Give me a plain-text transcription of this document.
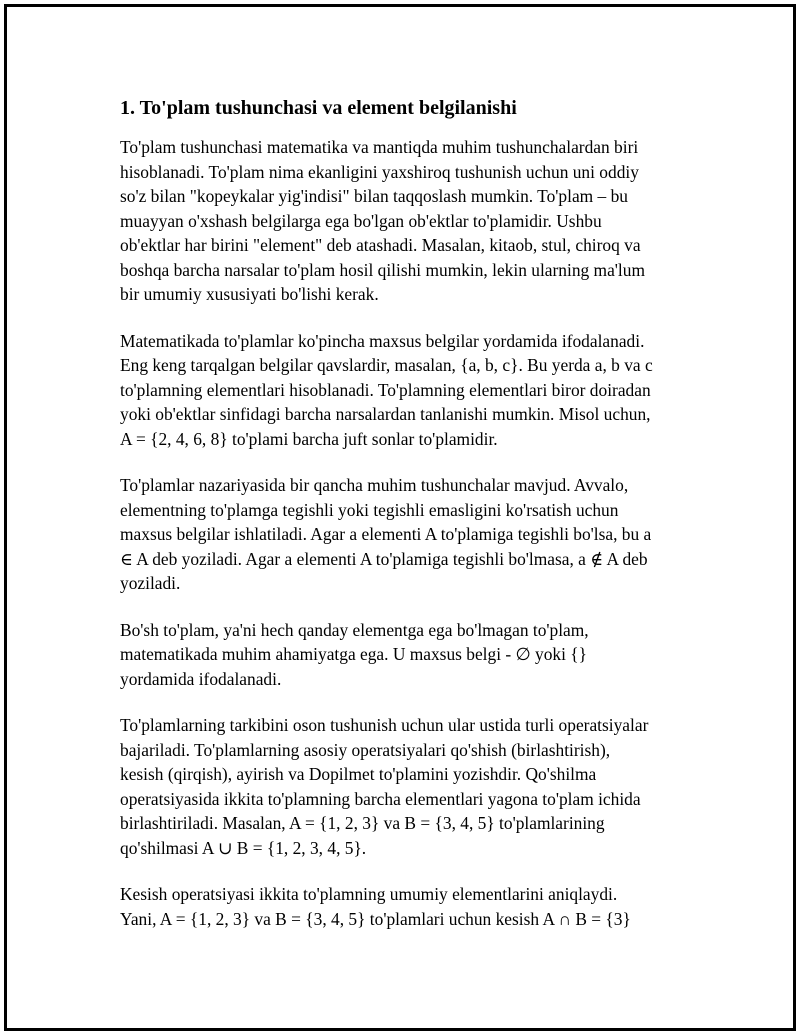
1. To'plam tushunchasi va element belgilanishi

To'plam tushunchasi matematika va mantiqda muhim tushunchalardan biri
hisoblanadi. To'plam nima ekanligini yaxshiroq tushunish uchun uni oddiy
so'z bilan "kopeykalar yig'indisi" bilan taqqoslash mumkin. To'plam – bu
muayyan o'xshash belgilarga ega bo'lgan ob'ektlar to'plamidir. Ushbu
ob'ektlar har birini "element" deb atashadi. Masalan, kitaob, stul, chiroq va
boshqa barcha narsalar to'plam hosil qilishi mumkin, lekin ularning ma'lum
bir umumiy xususiyati bo'lishi kerak.

Matematikada to'plamlar ko'pincha maxsus belgilar yordamida ifodalanadi.
Eng keng tarqalgan belgilar qavslardir, masalan, {a, b, c}. Bu yerda a, b va c
to'plamning elementlari hisoblanadi. To'plamning elementlari biror doiradan
yoki ob'ektlar sinfidagi barcha narsalardan tanlanishi mumkin. Misol uchun,
A = {2, 4, 6, 8} to'plami barcha juft sonlar to'plamidir.

To'plamlar nazariyasida bir qancha muhim tushunchalar mavjud. Avvalo,
elementning to'plamga tegishli yoki tegishli emasligini ko'rsatish uchun
maxsus belgilar ishlatiladi. Agar a elementi A to'plamiga tegishli bo'lsa, bu a
∈ A deb yoziladi. Agar a elementi A to'plamiga tegishli bo'lmasa, a ∉ A deb
yoziladi.

Bo'sh to'plam, ya'ni hech qanday elementga ega bo'lmagan to'plam,
matematikada muhim ahamiyatga ega. U maxsus belgi - ∅ yoki {}
yordamida ifodalanadi.

To'plamlarning tarkibini oson tushunish uchun ular ustida turli operatsiyalar
bajariladi. To'plamlarning asosiy operatsiyalari qo'shish (birlashtirish),
kesish (qirqish), ayirish va Dopilmet to'plamini yozishdir. Qo'shilma
operatsiyasida ikkita to'plamning barcha elementlari yagona to'plam ichida
birlashtiriladi. Masalan, A = {1, 2, 3} va B = {3, 4, 5} to'plamlarining
qo'shilmasi A ∪ B = {1, 2, 3, 4, 5}.

Kesish operatsiyasi ikkita to'plamning umumiy elementlarini aniqlaydi.
Yani, A = {1, 2, 3} va B = {3, 4, 5} to'plamlari uchun kesish A ∩ B = {3}
